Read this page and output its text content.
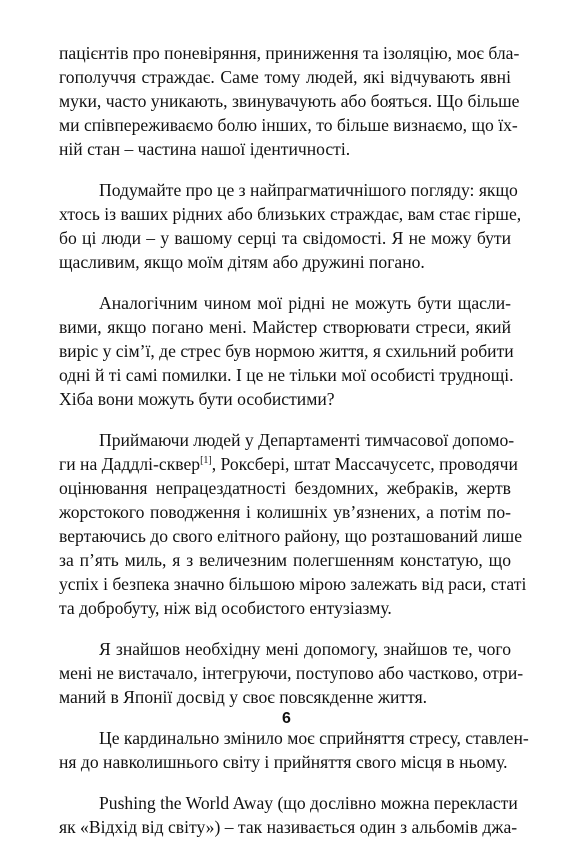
пацієнтів про поневіряння, приниження та ізоляцію, моє бла-
гополуччя страждає. Саме тому людей, які відчувають явні
муки, часто уникають, звинувачують або бояться. Що більше
ми співпереживаємо болю інших, то більше визнаємо, що їх-
ній стан – частина нашої ідентичності.

Подумайте про це з найпрагматичнішого погляду: якщо
хтось із ваших рідних або близьких страждає, вам стає гірше,
бо ці люди – у вашому серці та свідомості. Я не можу бути
щасливим, якщо моїм дітям або дружині погано.

Аналогічним чином мої рідні не можуть бути щасли-
вими, якщо погано мені. Майстер створювати стреси, який
виріс у сім’ї, де стрес був нормою життя, я схильний робити
одні й ті самі помилки. І це не тільки мої особисті труднощі.
Хіба вони можуть бути особистими?

Приймаючи людей у Департаменті тимчасової допомо-
ги на Даддлі-сквер[1], Роксбері, штат Массачусетс, проводячи
оцінювання непрацездатності бездомних, жебраків, жертв
жорстокого поводження і колишніх ув’язнених, а потім по-
вертаючись до свого елітного району, що розташований лише
за п’ять миль, я з величезним полегшенням констатую, що
успіх і безпека значно більшою мірою залежать від раси, статі
та добробуту, ніж від особистого ентузіазму.

Я знайшов необхідну мені допомогу, знайшов те, чого
мені не вистачало, інтегруючи, поступово або частково, отри-
маний в Японії досвід у своє повсякденне життя.

Це кардинально змінило моє сприйняття стресу, ставлен-
ня до навколишнього світу і прийняття свого місця в ньому.

Pushing the World Away (що дослівно можна перекласти
як «Відхід від світу») – так називається один з альбомів джа-

6
